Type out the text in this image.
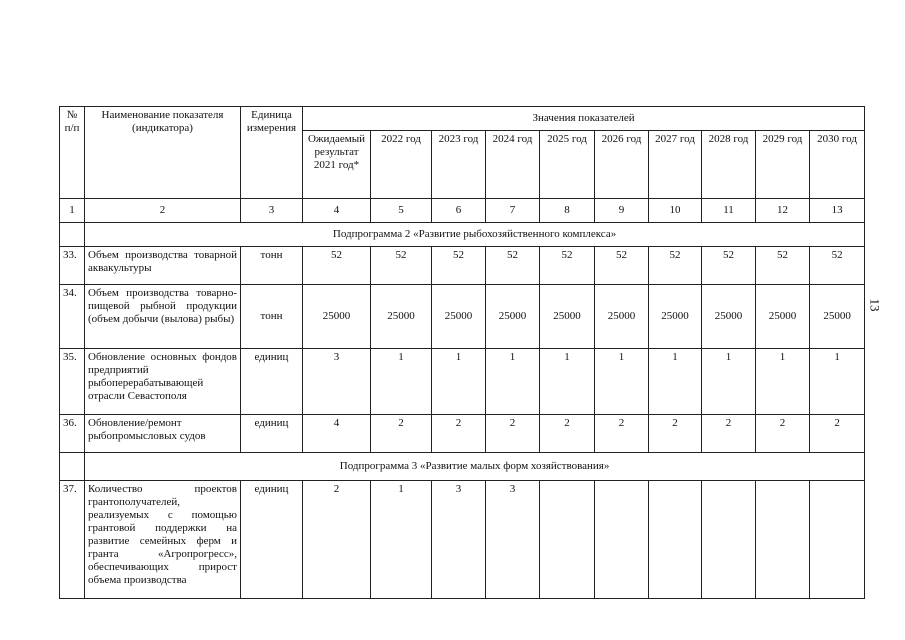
№ п/п	Наименование показателя (индикатора)	Единица измерения	Значения показателей									
			Ожидаемый результат 2021 год*	2022 год	2023 год	2024 год	2025 год	2026 год	2027 год	2028 год	2029 год	2030 год
1	2	3	4	5	6	7	8	9	10	11	12	13
	Подпрограмма 2 «Развитие рыбохозяйственного комплекса»											
33.	Объем производства товарной аквакультуры	тонн	52	52	52	52	52	52	52	52	52	52
34.	Объем производства товарно-пищевой рыбной продукции (объем добычи (вылова) рыбы)	тонн	25000	25000	25000	25000	25000	25000	25000	25000	25000	25000
35.	Обновление основных фондов предприятий рыбоперерабатывающей отрасли Севастополя	единиц	3	1	1	1	1	1	1	1	1	1
36.	Обновление/ремонт рыбопромысловых судов	единиц	4	2	2	2	2	2	2	2	2	2
	Подпрограмма 3 «Развитие малых форм хозяйствования»											
37.	Количество проектов грантополучателей, реализуемых с помощью грантовой поддержки на развитие семейных ферм и гранта «Агропрогресс», обеспечивающих прирост объема производства	единиц	2	1	3	3						
13
